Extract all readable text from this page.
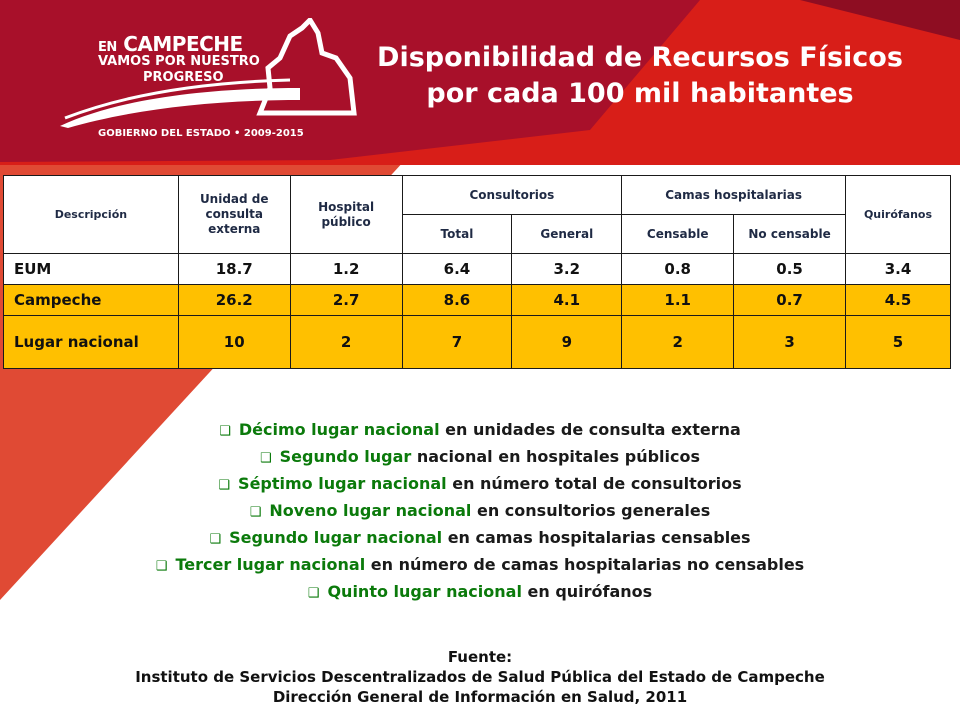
EN CAMPECHE
VAMOS POR NUESTRO
PROGRESO
GOBIERNO DEL ESTADO • 2009-2015
Disponibilidad de Recursos Físicos
por cada 100 mil habitantes
Descripción	Unidad de consulta externa	Hospital público	Consultorios		Camas hospitalarias		Quirófanos
			Total	General	Censable	No censable	
EUM	18.7	1.2	6.4	3.2	0.8	0.5	3.4
Campeche	26.2	2.7	8.6	4.1	1.1	0.7	4.5
Lugar nacional	10	2	7	9	2	3	5
❑ Décimo lugar nacional en unidades de consulta externa
❑ Segundo lugar nacional en hospitales públicos
❑ Séptimo lugar nacional en número total de consultorios
❑ Noveno lugar nacional en consultorios generales
❑ Segundo lugar nacional en camas hospitalarias censables
❑ Tercer lugar nacional en número de camas hospitalarias no censables
❑ Quinto lugar nacional en quirófanos
Fuente:
Instituto de Servicios Descentralizados de Salud Pública del Estado de Campeche
Dirección General de Información en Salud, 2011
